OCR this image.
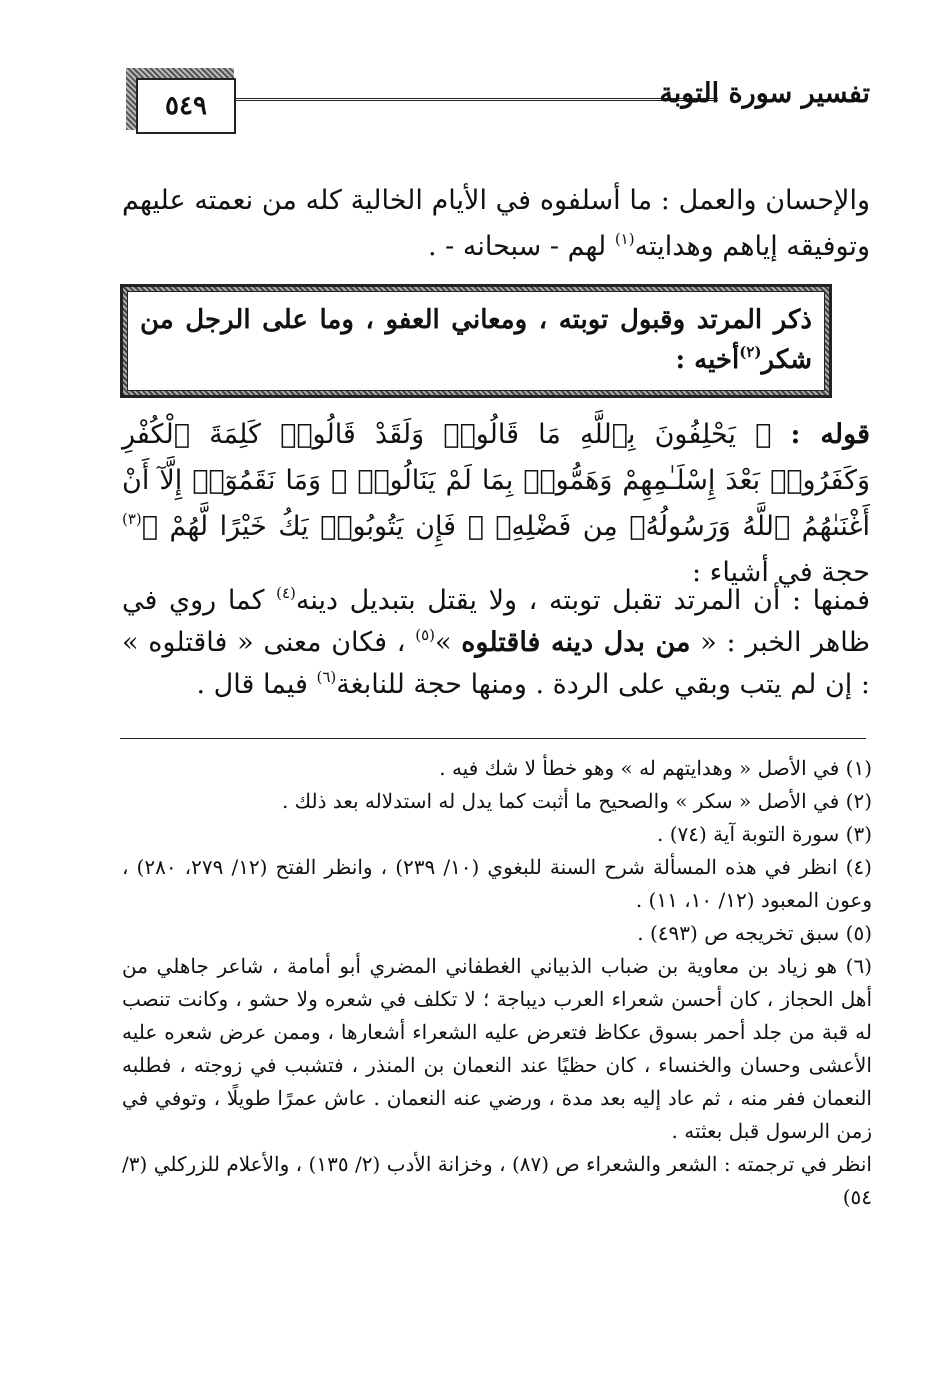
٥٤٩	تفسير سورة التوبة
والإحسان والعمل : ما أسلفوه في الأيام الخالية كله من نعمته عليهم وتوفيقه إياهم وهدايته$^{(١)}$ لهم - سبحانه - .
ذكر المرتد وقبول توبته ، ومعاني العفو ، وما على الرجل من شكر$^{(٢)}$أخيه :
قوله : ﴿ يَحْلِفُونَ بِٱللَّهِ مَا قَالُوا۟ وَلَقَدْ قَالُوا۟ كَلِمَةَ ٱلْكُفْرِ وَكَفَرُوا۟ بَعْدَ إِسْلَـٰمِهِمْ وَهَمُّوا۟ بِمَا لَمْ يَنَالُوا۟ ۚ وَمَا نَقَمُوٓا۟ إِلَّآ أَنْ أَغْنَىٰهُمُ ٱللَّهُ وَرَسُولُهُۥ مِن فَضْلِهِۦ ۚ فَإِن يَتُوبُوا۟ يَكُ خَيْرًا لَّهُمْ ﴾$^{(٣)}$ حجة في أشياء :
فمنها : أن المرتد تقبل توبته ، ولا يقتل بتبديل دينه$^{(٤)}$ كما روي في ظاهر الخبر : « من بدل دينه فاقتلوه »$^{(٥)}$ ، فكان معنى « فاقتلوه » : إن لم يتب وبقي على الردة . ومنها حجة للنابغة$^{(٦)}$ فيما قال .

(١) في الأصل « وهدايتهم له » وهو خطأ لا شك فيه .

(٢) في الأصل « سكر » والصحيح ما أثبت كما يدل له استدلاله بعد ذلك .

(٣) سورة التوبة آية (٧٤) .

(٤) انظر في هذه المسألة شرح السنة للبغوي (١٠/ ٢٣٩) ، وانظر الفتح (١٢/ ٢٧٩، ٢٨٠) ، وعون المعبود (١٢/ ١٠، ١١) .

(٥) سبق تخريجه ص (٤٩٣) .

(٦) هو زياد بن معاوية بن ضباب الذبياني الغطفاني المضري أبو أمامة ، شاعر جاهلي من أهل الحجاز ، كان أحسن شعراء العرب ديباجة ؛ لا تكلف في شعره ولا حشو ، وكانت تنصب له قبة من جلد أحمر بسوق عكاظ فتعرض عليه الشعراء أشعارها ، وممن عرض شعره عليه الأعشى وحسان والخنساء ، كان حظيًا عند النعمان بن المنذر ، فتشبب في زوجته ، فطلبه النعمان ففر منه ، ثم عاد إليه بعد مدة ، ورضي عنه النعمان . عاش عمرًا طويلًا ، وتوفي في زمن الرسول قبل بعثته .

انظر في ترجمته : الشعر والشعراء ص (٨٧) ، وخزانة الأدب (٢/ ١٣٥) ، والأعلام للزركلي (٣/ ٥٤)
